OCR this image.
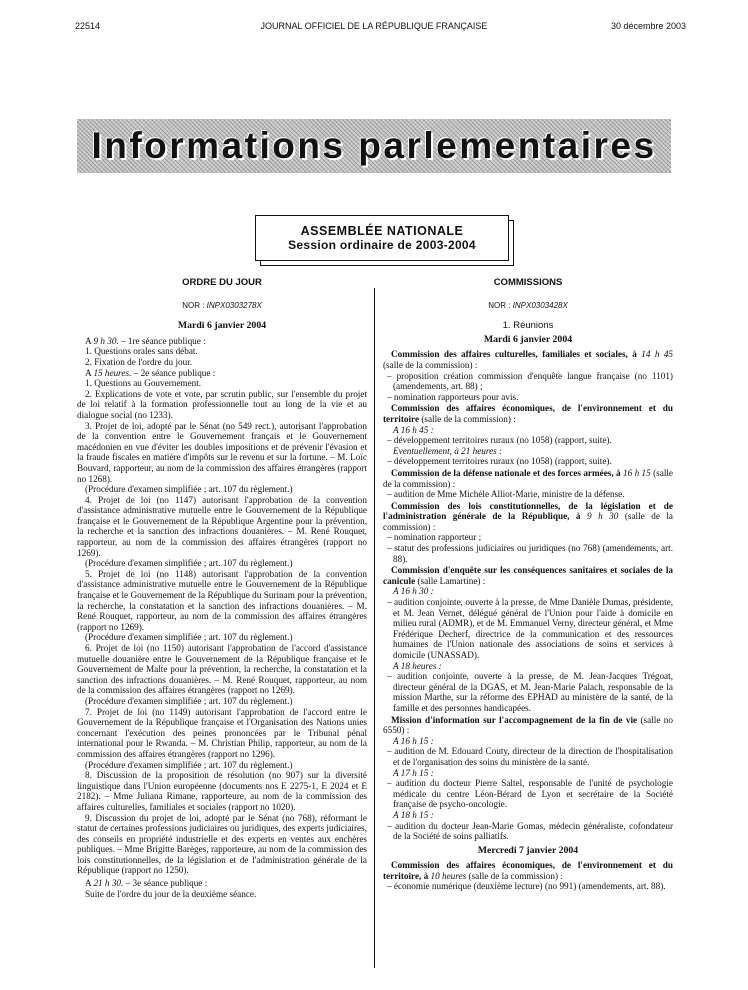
22514	JOURNAL OFFICIEL DE LA RÉPUBLIQUE FRANÇAISE	30 décembre 2003
Informations parlementaires
ASSEMBLÉE NATIONALE
Session ordinaire de 2003-2004
ORDRE DU JOUR
NOR : INPX0303278X
Mardi 6 janvier 2004

A 9 h 30. – 1re séance publique :

1. Questions orales sans débat.

2. Fixation de l'ordre du jour.

A 15 heures. – 2e séance publique :

1. Questions au Gouvernement.

2. Explications de vote et vote, par scrutin public, sur l'ensemble du projet de loi relatif à la formation professionnelle tout au long de la vie et au dialogue social (no 1233).

3. Projet de loi, adopté par le Sénat (no 549 rect.), autorisant l'approbation de la convention entre le Gouvernement français et le Gouvernement macédonien en vue d'éviter les doubles impositions et de prévenir l'évasion et la fraude fiscales en matière d'impôts sur le revenu et sur la fortune. – M. Loïc Bouvard, rapporteur, au nom de la commission des affaires étrangères (rapport no 1268).

(Procédure d'examen simplifiée ; art. 107 du règlement.)

4. Projet de loi (no 1147) autorisant l'approbation de la convention d'assistance administrative mutuelle entre le Gouvernement de la République française et le Gouvernement de la République Argentine pour la prévention, la recherche et la sanction des infractions douanières. – M. René Rouquet, rapporteur, au nom de la commission des affaires étrangères (rapport no 1269).

(Procédure d'examen simplifiée ; art. 107 du règlement.)

5. Projet de loi (no 1148) autorisant l'approbation de la convention d'assistance administrative mutuelle entre le Gouvernement de la République française et le Gouvernement de la République du Surinam pour la prévention, la recherche, la constatation et la sanction des infractions douanières. – M. René Rouquet, rapporteur, au nom de la commission des affaires étrangères (rapport no 1269).

(Procédure d'examen simplifiée ; art. 107 du règlement.)

6. Projet de loi (no 1150) autorisant l'approbation de l'accord d'assistance mutuelle douanière entre le Gouvernement de la République française et le Gouvernement de Malte pour la prévention, la recherche, la constatation et la sanction des infractions douanières. – M. René Rouquet, rapporteur, au nom de la commission des affaires étrangères (rapport no 1269).

(Procédure d'examen simplifiée ; art. 107 du règlement.)

7. Projet de loi (no 1149) autorisant l'approbation de l'accord entre le Gouvernement de la République française et l'Organisation des Nations unies concernant l'exécution des peines prononcées par le Tribunal pénal international pour le Rwanda. – M. Christian Philip, rapporteur, au nom de la commission des affaires étrangères (rapport no 1296).

(Procédure d'examen simplifiée ; art. 107 du règlement.)

8. Discussion de la proposition de résolution (no 907) sur la diversité linguistique dans l'Union européenne (documents nos E 2275-1, E 2024 et E 2182). – Mme Juliana Rimane, rapporteure, au nom de la commission des affaires culturelles, familiales et sociales (rapport no 1020).

9. Discussion du projet de loi, adopté par le Sénat (no 768), réformant le statut de certaines professions judiciaires ou juridiques, des experts judiciaires, des conseils en propriété industrielle et des experts en ventes aux enchères publiques. – Mme Brigitte Barèges, rapporteure, au nom de la commission des lois constitutionnelles, de la législation et de l'administration générale de la République (rapport no 1250).

A 21 h 30. – 3e séance publique :

Suite de l'ordre du jour de la deuxième séance.

COMMISSIONS
NOR : INPX0303428X
1. Réunions
Mardi 6 janvier 2004

Commission des affaires culturelles, familiales et sociales, à 14 h 45 (salle de la commission) :

– proposition création commission d'enquête langue française (no 1101) (amendements, art. 88) ;

– nomination rapporteurs pour avis.

Commission des affaires économiques, de l'environnement et du territoire (salle de la commission) :

A 16 h 45 :

– développement territoires ruraux (no 1058) (rapport, suite).

Eventuellement, à 21 heures :

– développement territoires ruraux (no 1058) (rapport, suite).

Commission de la défense nationale et des forces armées, à 16 h 15 (salle de la commission) :

– audition de Mme Michèle Alliot-Marie, ministre de la défense.

Commission des lois constitutionnelles, de la législation et de l'administration générale de la République, à 9 h 30 (salle de la commission) :

– nomination rapporteur ;

– statut des professions judiciaires ou juridiques (no 768) (amendements, art. 88).

Commission d'enquête sur les conséquences sanitaires et sociales de la canicule (salle Lamartine) :

A 16 h 30 :

– audition conjointe, ouverte à la presse, de Mme Danièle Dumas, présidente, et M. Jean Vernet, délégué général de l'Union pour l'aide à domicile en milieu rural (ADMR), et de M. Emmanuel Verny, directeur général, et Mme Frédérique Decherf, directrice de la communication et des ressources humaines de l'Union nationale des associations de soins et services à domicile (UNASSAD).

A 18 heures :

– audition conjointe, ouverte à la presse, de M. Jean-Jacques Trégoat, directeur général de la DGAS, et M. Jean-Marie Palach, responsable de la mission Marthe, sur la réforme des EPHAD au ministère de la santé, de la famille et des personnes handicapées.

Mission d'information sur l'accompagnement de la fin de vie (salle no 6550) :

A 16 h 15 :

– audition de M. Edouard Couty, directeur de la direction de l'hospitalisation et de l'organisation des soins du ministère de la santé.

A 17 h 15 :

– audition du docteur Pierre Saltel, responsable de l'unité de psychologie médicale du centre Léon-Bérard de Lyon et secrétaire de la Société française de psycho-oncologie.

A 18 h 15 :

– audition du docteur Jean-Marie Gomas, médecin généraliste, cofondateur de la Société de soins palliatifs.

Mercredi 7 janvier 2004

Commission des affaires économiques, de l'environnement et du territoire, à 10 heures (salle de la commission) :

– économie numérique (deuxième lecture) (no 991) (amendements, art. 88).
